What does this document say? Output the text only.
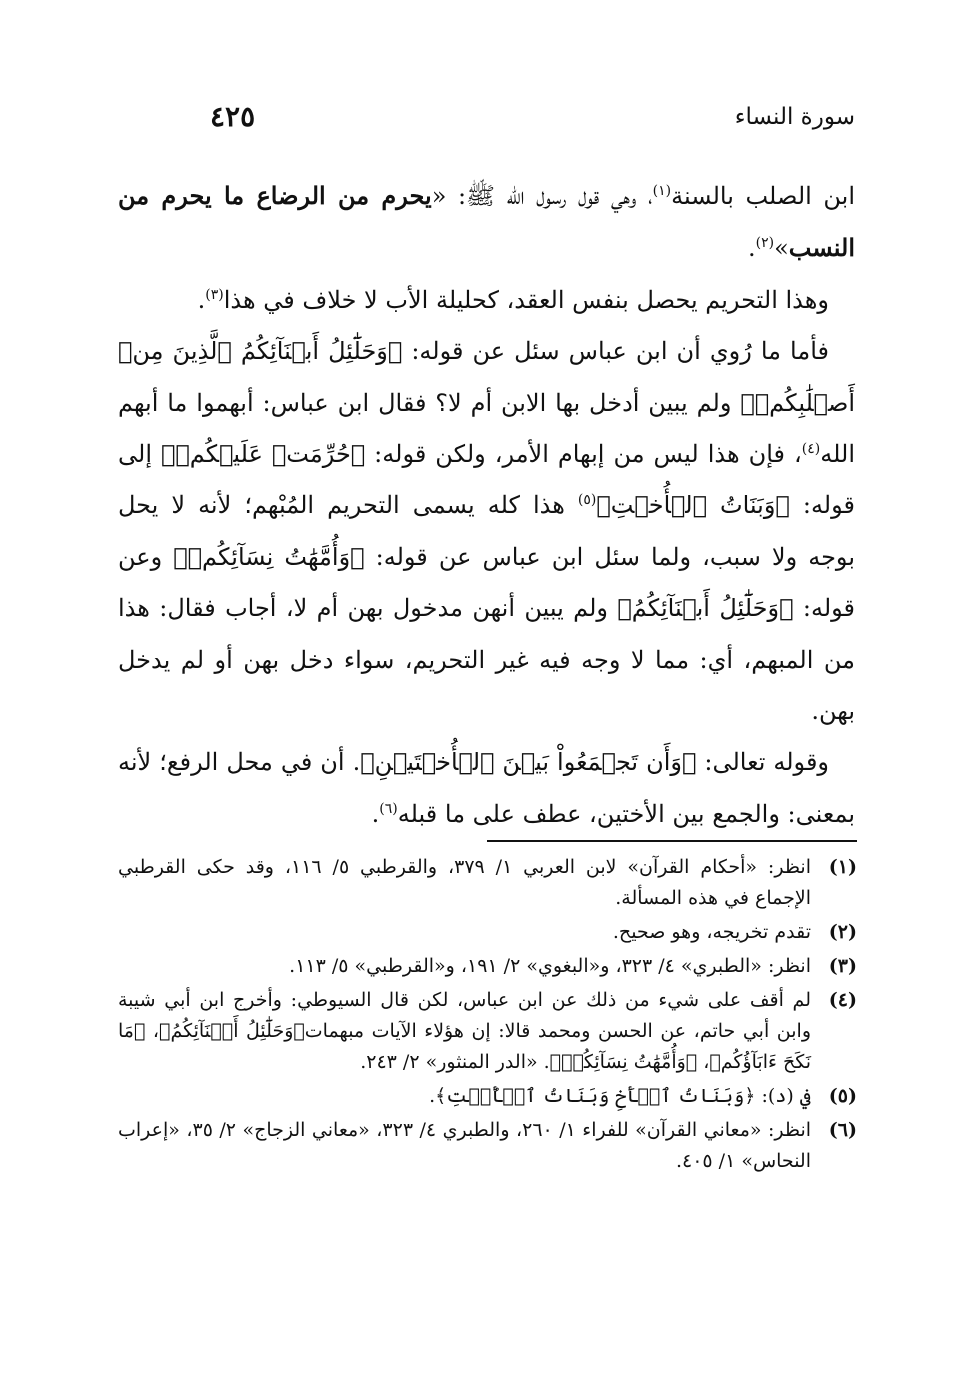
سورة النساء
٤٢٥

ابن الصلب بالسنة$^{(١)}$، وهي قول رسول الله ﷺ: «يحرم من الرضاع ما يحرم من النسب»$^{(٢)}$.

وهذا التحريم يحصل بنفس العقد، كحليلة الأب لا خلاف في هذا$^{(٣)}$.

فأما ما رُوي أن ابن عباس سئل عن قوله: ﴿وَحَلَٰٓئِلُ أَبۡنَآئِكُمُ ٱلَّذِينَ مِنۡ أَصۡلَٰبِكُمۡ﴾ ولم يبين أدخل بها الابن أم لا؟ فقال ابن عباس: أبهموا ما أبهم الله$^{(٤)}$، فإن هذا ليس من إبهام الأمر، ولكن قوله: ﴿حُرِّمَتۡ عَلَيۡكُمۡ﴾ إلى قوله: ﴿وَبَنَاتُ ٱلۡأُخۡتِ﴾$^{(٥)}$ هذا كله يسمى التحريم المُبْهم؛ لأنه لا يحل بوجه ولا سبب، ولما سئل ابن عباس عن قوله: ﴿وَأُمَّهَٰتُ نِسَآئِكُمۡ﴾ وعن قوله: ﴿وَحَلَٰٓئِلُ أَبۡنَآئِكُمُ﴾ ولم يبين أنهن مدخول بهن أم لا، أجاب فقال: هذا من المبهم، أي: مما لا وجه فيه غير التحريم، سواء دخل بهن أو لم يدخل بهن.

وقوله تعالى: ﴿وَأَن تَجۡمَعُواْ بَيۡنَ ٱلۡأُخۡتَيۡنِ﴾. أن في محل الرفع؛ لأنه بمعنى: والجمع بين الأختين، عطف على ما قبله$^{(٦)}$.

(١)
انظر: «أحكام القرآن» لابن العربي ١/ ٣٧٩، والقرطبي ٥/ ١١٦، وقد حكى القرطبي الإجماع في هذه المسألة.
(٢)
تقدم تخريجه، وهو صحيح.
(٣)
انظر: «الطبري» ٤/ ٣٢٣، و«البغوي» ٢/ ١٩١، و«القرطبي» ٥/ ١١٣.
(٤)
لم أقف على شيء من ذلك عن ابن عباس، لكن قال السيوطي: وأخرج ابن أبي شيبة وابن أبي حاتم، عن الحسن ومحمد قالا: إن هؤلاء الآيات مبهمات﴿وَحَلَٰٓئِلُ أَبۡنَآئِكُمُ﴾، ﴿مَا نَكَحَ ءَابَآؤُكُم﴾، ﴿وَأُمَّهَٰتُ نِسَآئِكُمۡ﴾. «الدر المنثور» ٢/ ٢٤٣.
(٥)
في (د): ﴿وَبَنَاتُ ٱلۡأَخِ وَبَنَاتُ ٱلۡأُخۡتِ﴾.
(٦)
انظر: «معاني القرآن» للفراء ١/ ٢٦٠، والطبري ٤/ ٣٢٣، «معاني الزجاج» ٢/ ٣٥، «إعراب النحاس» ١/ ٤٠٥.
